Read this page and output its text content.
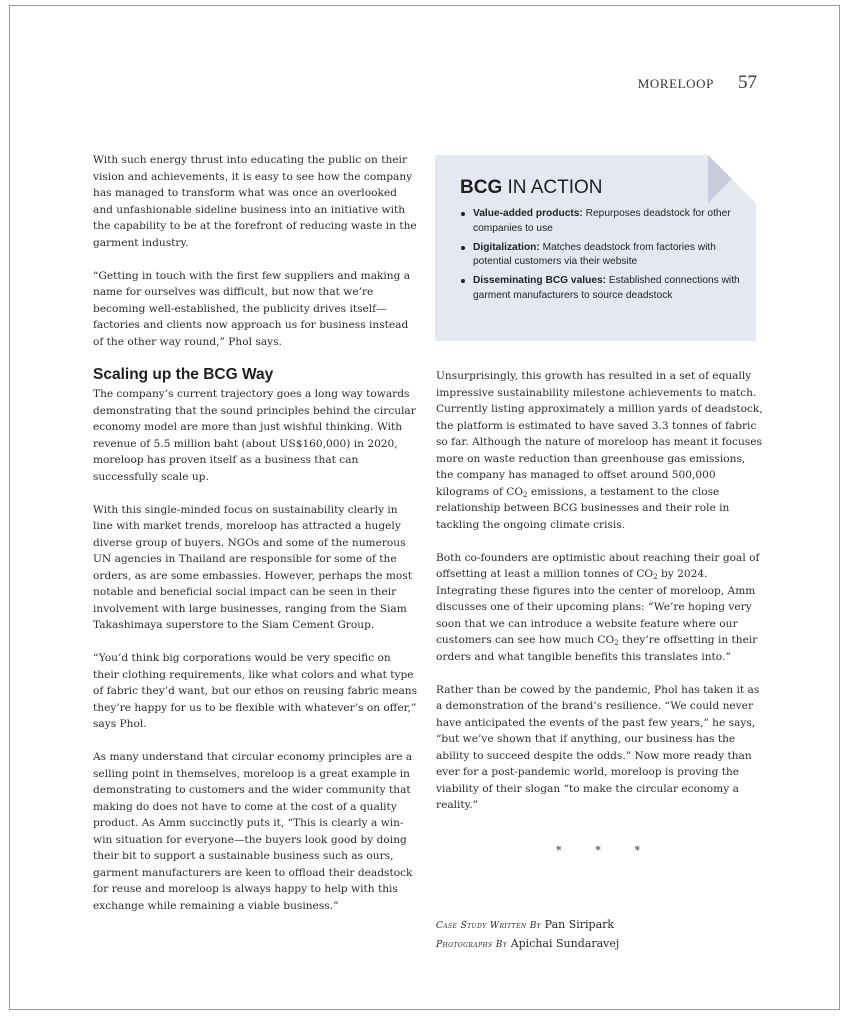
MORELOOP 57

With such energy thrust into educating the public on their vision and achievements, it is easy to see how the company has managed to transform what was once an overlooked and unfashionable sideline business into an initiative with the capability to be at the forefront of reducing waste in the garment industry.

“Getting in touch with the first few suppliers and making a name for ourselves was difficult, but now that we’re becoming well-established, the publicity drives itself—factories and clients now approach us for business instead of the other way round,” Phol says.

Scaling up the BCG Way

The company’s current trajectory goes a long way towards demonstrating that the sound principles behind the circular economy model are more than just wishful thinking. With revenue of 5.5 million baht (about US$160,000) in 2020, moreloop has proven itself as a business that can successfully scale up.

With this single-minded focus on sustainability clearly in line with market trends, moreloop has attracted a hugely diverse group of buyers. NGOs and some of the numerous UN agencies in Thailand are responsible for some of the orders, as are some embassies. However, perhaps the most notable and beneficial social impact can be seen in their involvement with large businesses, ranging from the Siam Takashimaya superstore to the Siam Cement Group.

“You’d think big corporations would be very specific on their clothing requirements, like what colors and what type of fabric they’d want, but our ethos on reusing fabric means they’re happy for us to be flexible with whatever’s on offer,” says Phol.

As many understand that circular economy principles are a selling point in themselves, moreloop is a great example in demonstrating to customers and the wider community that making do does not have to come at the cost of a quality product. As Amm succinctly puts it, “This is clearly a win-win situation for everyone—the buyers look good by doing their bit to support a sustainable business such as ours, garment manufacturers are keen to offload their deadstock for reuse and moreloop is always happy to help with this exchange while remaining a viable business.”

BCG IN ACTION
Value-added products: Repurposes deadstock for other companies to use
Digitalization: Matches deadstock from factories with potential customers via their website
Disseminating BCG values: Established connections with garment manufacturers to source deadstock

Unsurprisingly, this growth has resulted in a set of equally impressive sustainability milestone achievements to match. Currently listing approximately a million yards of deadstock, the platform is estimated to have saved 3.3 tonnes of fabric so far. Although the nature of moreloop has meant it focuses more on waste reduction than greenhouse gas emissions, the company has managed to offset around 500,000 kilograms of $CO_2$ emissions, a testament to the close relationship between BCG businesses and their role in tackling the ongoing climate crisis.

Both co-founders are optimistic about reaching their goal of offsetting at least a million tonnes of $CO_2$ by 2024. Integrating these figures into the center of moreloop, Amm discusses one of their upcoming plans: “We’re hoping very soon that we can introduce a website feature where our customers can see how much $CO_2$ they’re offsetting in their orders and what tangible benefits this translates into.”

Rather than be cowed by the pandemic, Phol has taken it as a demonstration of the brand’s resilience. “We could never have anticipated the events of the past few years,” he says, “but we’ve shown that if anything, our business has the ability to succeed despite the odds.” Now more ready than ever for a post-pandemic world, moreloop is proving the viability of their slogan “to make the circular economy a reality.”

*	*	*
Case Study Written By Pan Siripark
Photographs By Apichai Sundaravej
